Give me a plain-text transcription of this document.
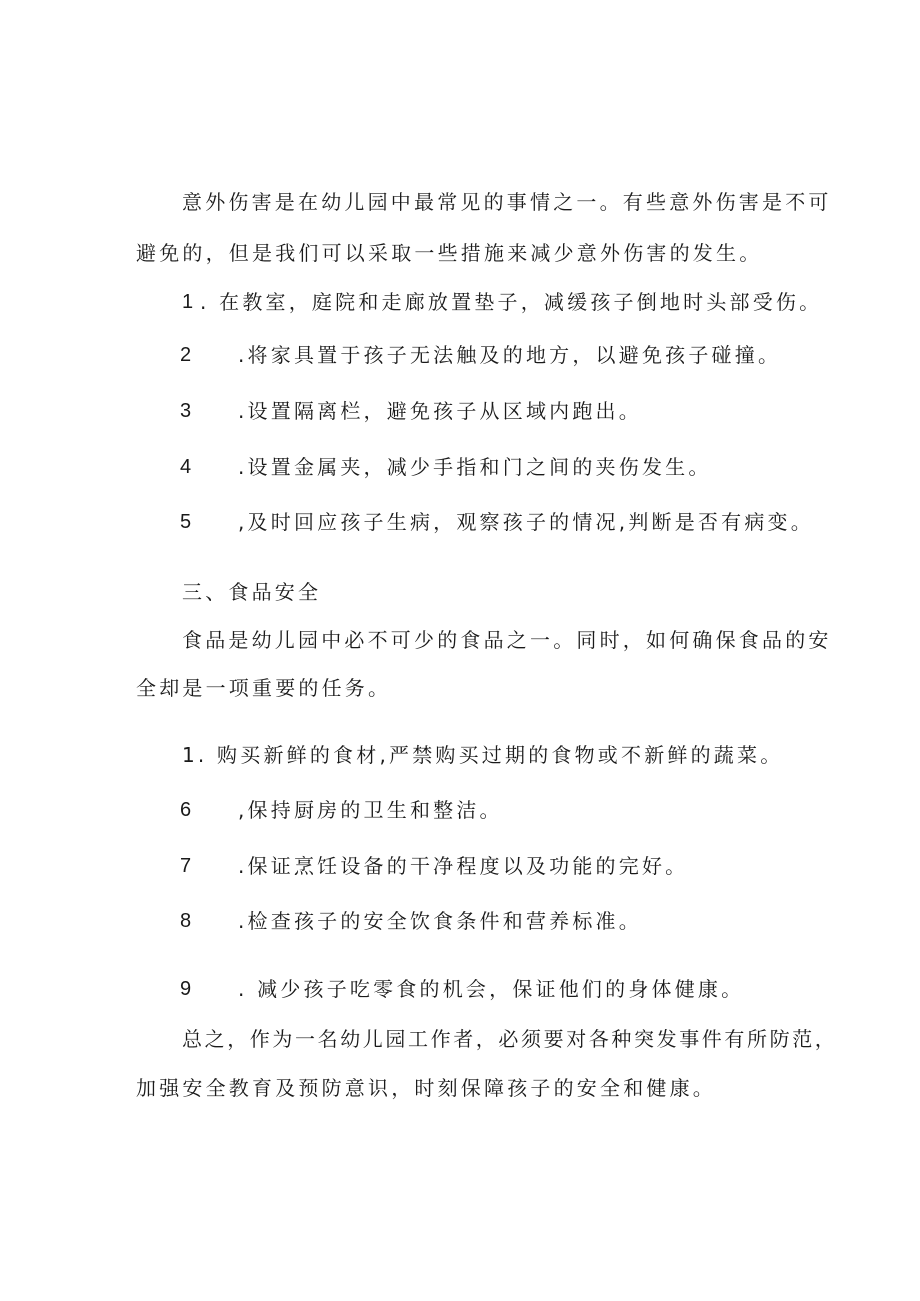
意外伤害是在幼儿园中最常见的事情之一。有些意外伤害是不可
避免的，但是我们可以采取一些措施来减少意外伤害的发生。
1 . 在教室，庭院和走廊放置垫子，减缓孩子倒地时头部受伤。
2 .将家具置于孩子无法触及的地方，以避免孩子碰撞。
3 .设置隔离栏，避免孩子从区域内跑出。
4 .设置金属夹，减少手指和门之间的夹伤发生。
5 ,及时回应孩子生病，观察孩子的情况,判断是否有病变。
三、食品安全
食品是幼儿园中必不可少的食品之一。同时，如何确保食品的安
全却是一项重要的任务。
1. 购买新鲜的食材,严禁购买过期的食物或不新鲜的蔬菜。
6 ,保持厨房的卫生和整洁。
7 .保证烹饪设备的干净程度以及功能的完好。
8 .检查孩子的安全饮食条件和营养标准。
9 . 减少孩子吃零食的机会，保证他们的身体健康。
总之，作为一名幼儿园工作者，必须要对各种突发事件有所防范，
加强安全教育及预防意识，时刻保障孩子的安全和健康。
